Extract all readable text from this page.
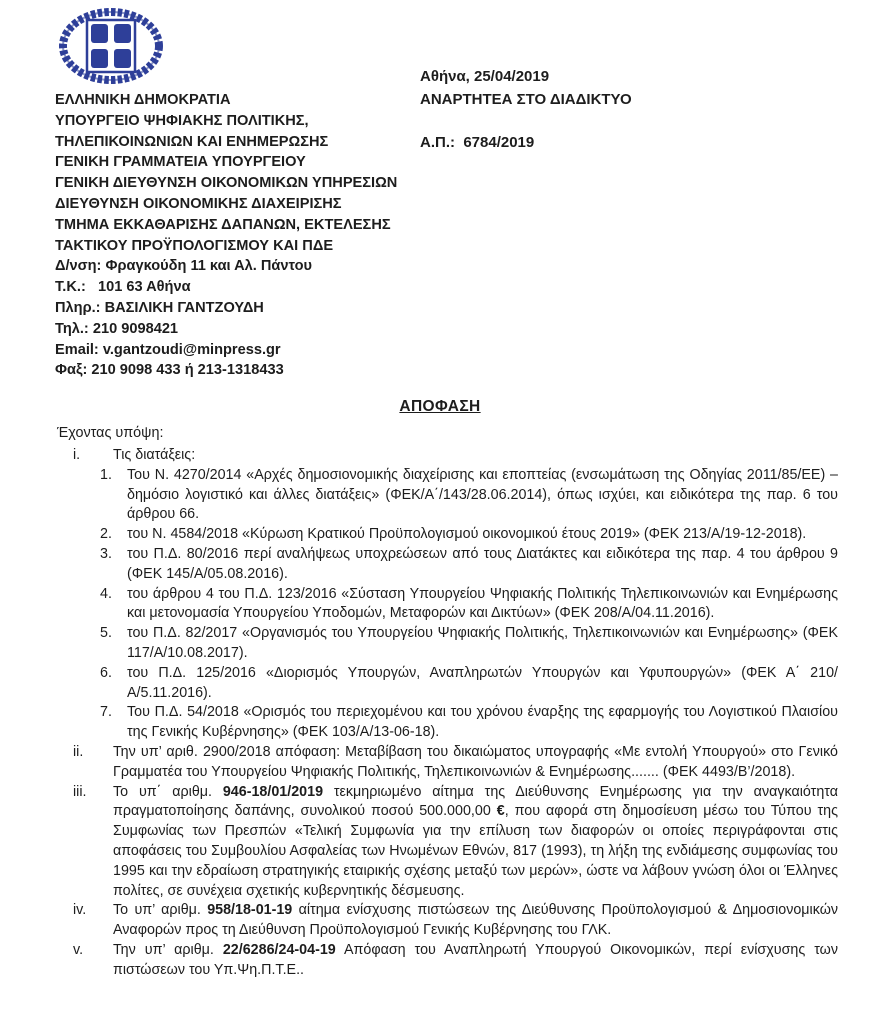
ΕΛΛΗΝΙΚΗ ΔΗΜΟΚΡΑΤΙΑ
ΥΠΟΥΡΓΕΙΟ ΨΗΦΙΑΚΗΣ ΠΟΛΙΤΙΚΗΣ,
ΤΗΛΕΠΙΚΟΙΝΩΝΙΩΝ ΚΑΙ ΕΝΗΜΕΡΩΣΗΣ
ΓΕΝΙΚΗ ΓΡΑΜΜΑΤΕΙΑ ΥΠΟΥΡΓΕΙΟΥ
ΓΕΝΙΚΗ ΔΙΕΥΘΥΝΣΗ ΟΙΚΟΝΟΜΙΚΩΝ ΥΠΗΡΕΣΙΩΝ
ΔΙΕΥΘΥΝΣΗ ΟΙΚΟΝΟΜΙΚΗΣ ΔΙΑΧΕΙΡΙΣΗΣ
ΤΜΗΜΑ ΕΚΚΑΘΑΡΙΣΗΣ ΔΑΠΑΝΩΝ, ΕΚΤΕΛΕΣΗΣ
ΤΑΚΤΙΚΟΥ ΠΡΟΫΠΟΛΟΓΙΣΜΟΥ ΚΑΙ ΠΔΕ
Δ/νση: Φραγκούδη 11 και Αλ. Πάντου
Τ.Κ.:   101 63 Αθήνα
Πληρ.: ΒΑΣΙΛΙΚΗ ΓΑΝΤΖΟΥΔΗ
Τηλ.: 210 9098421
Email: v.gantzoudi@minpress.gr
Φαξ: 210 9098 433 ή 213-1318433

Αθήνα, 25/04/2019

Α.Π.:  6784/2019

ΑΝΑΡΤΗΤΕΑ ΣΤΟ ΔΙΑΔΙΚΤΥΟ
ΑΠΟΦΑΣΗ
Έχοντας υπόψη:
i.	Τις διατάξεις:
1.	Του Ν. 4270/2014 «Αρχές δημοσιονομικής διαχείρισης και εποπτείας (ενσωμάτωση της Οδηγίας 2011/85/ΕΕ) – δημόσιο λογιστικό και άλλες διατάξεις» (ΦΕΚ/Α΄/143/28.06.2014), όπως ισχύει, και ειδικότερα της παρ. 6 του άρθρου 66.
2.	του Ν. 4584/2018 «Κύρωση Κρατικού Προϋπολογισμού οικονομικού έτους 2019» (ΦΕΚ 213/Α/19-12-2018).
3.	του Π.Δ. 80/2016 περί αναλήψεως υποχρεώσεων από τους Διατάκτες και ειδικότερα της παρ. 4 του άρθρου 9 (ΦΕΚ 145/Α/05.08.2016).
4.	του άρθρου 4 του Π.Δ. 123/2016 «Σύσταση Υπουργείου Ψηφιακής Πολιτικής Τηλεπικοινωνιών και Ενημέρωσης και μετονομασία Υπουργείου Υποδομών, Μεταφορών και Δικτύων» (ΦΕΚ 208/Α/04.11.2016).
5.	του Π.Δ. 82/2017 «Οργανισμός του Υπουργείου Ψηφιακής Πολιτικής, Τηλεπικοινωνιών και Ενημέρωσης» (ΦΕΚ 117/Α/10.08.2017).
6.	του Π.Δ. 125/2016 «Διορισμός Υπουργών, Αναπληρωτών Υπουργών και Υφυπουργών» (ΦΕΚ Α΄ 210/Α/5.11.2016).
7.	Του Π.Δ. 54/2018 «Ορισμός του περιεχομένου και του χρόνου έναρξης της εφαρμογής του Λογιστικού Πλαισίου της Γενικής Κυβέρνησης» (ΦΕΚ 103/Α/13-06-18).
ii.	Την υπ’ αριθ. 2900/2018 απόφαση: Μεταβίβαση του δικαιώματος υπογραφής «Με εντολή Υπουργού» στο Γενικό Γραμματέα του Υπουργείου Ψηφιακής Πολιτικής, Τηλεπικοινωνιών & Ενημέρωσης....... (ΦΕΚ 4493/Β’/2018).
iii.	Το υπ΄ αριθμ. 946-18/01/2019 τεκμηριωμένο αίτημα της Διεύθυνσης Ενημέρωσης για την αναγκαιότητα πραγματοποίησης δαπάνης, συνολικού ποσού 500.000,00 €, που αφορά στη δημοσίευση μέσω του Τύπου της Συμφωνίας των Πρεσπών «Τελική Συμφωνία για την επίλυση των διαφορών οι οποίες περιγράφονται στις αποφάσεις του Συμβουλίου Ασφαλείας των Ηνωμένων Εθνών, 817 (1993), τη λήξη της ενδιάμεσης συμφωνίας του 1995 και την εδραίωση στρατηγικής εταιρικής σχέσης μεταξύ των μερών», ώστε να λάβουν γνώση όλοι οι Έλληνες πολίτες, σε συνέχεια σχετικής κυβερνητικής δέσμευσης.
iv.	Το υπ’ αριθμ. 958/18-01-19 αίτημα ενίσχυσης πιστώσεων της Διεύθυνσης Προϋπολογισμού & Δημοσιονομικών Αναφορών προς τη Διεύθυνση Προϋπολογισμού Γενικής Κυβέρνησης του ΓΛΚ.
v.	Την υπ’ αριθμ. 22/6286/24-04-19 Απόφαση του Αναπληρωτή Υπουργού Οικονομικών, περί ενίσχυσης των πιστώσεων του Υπ.Ψη.Π.Τ.Ε..
